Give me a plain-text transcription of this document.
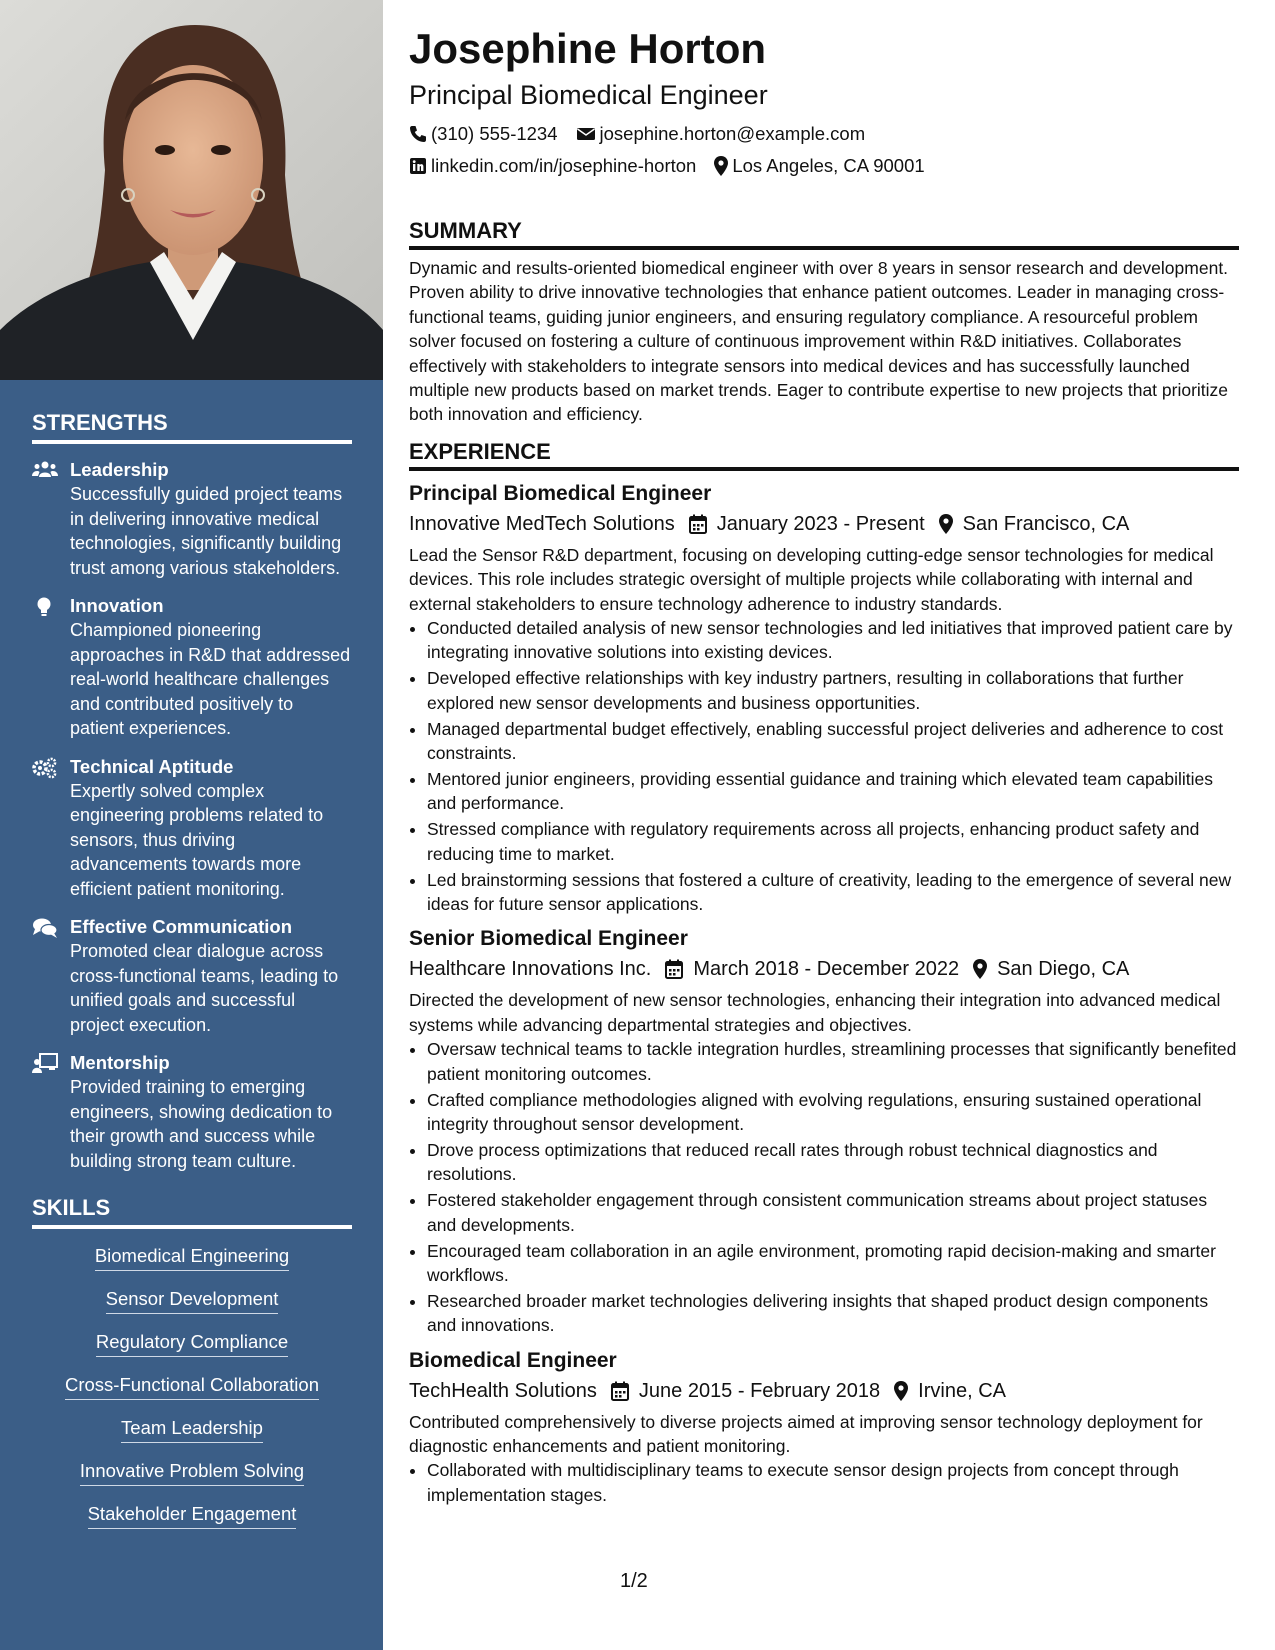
STRENGTHS
Leadership
Successfully guided project teams in delivering innovative medical technologies, significantly building trust among various stakeholders.
Innovation
Championed pioneering approaches in R&D that addressed real-world healthcare challenges and contributed positively to patient experiences.
Technical Aptitude
Expertly solved complex engineering problems related to sensors, thus driving advancements towards more efficient patient monitoring.
Effective Communication
Promoted clear dialogue across cross-functional teams, leading to unified goals and successful project execution.
Mentorship
Provided training to emerging engineers, showing dedication to their growth and success while building strong team culture.
SKILLS
Biomedical Engineering
Sensor Development
Regulatory Compliance
Cross-Functional Collaboration
Team Leadership
Innovative Problem Solving
Stakeholder Engagement
Josephine Horton
Principal Biomedical Engineer
(310) 555-1234 josephine.horton@example.com
linkedin.com/in/josephine-horton Los Angeles, CA 90001
SUMMARY

Dynamic and results-oriented biomedical engineer with over 8 years in sensor research and development. Proven ability to drive innovative technologies that enhance patient outcomes. Leader in managing cross-functional teams, guiding junior engineers, and ensuring regulatory compliance. A resourceful problem solver focused on fostering a culture of continuous improvement within R&D initiatives. Collaborates effectively with stakeholders to integrate sensors into medical devices and has successfully launched multiple new products based on market trends. Eager to contribute expertise to new projects that prioritize both innovation and efficiency.

EXPERIENCE
Principal Biomedical Engineer
Innovative MedTech Solutions January 2023 - Present San Francisco, CA
Lead the Sensor R&D department, focusing on developing cutting-edge sensor technologies for medical devices. This role includes strategic oversight of multiple projects while collaborating with internal and external stakeholders to ensure technology adherence to industry standards.
• Conducted detailed analysis of new sensor technologies and led initiatives that improved patient care by integrating innovative solutions into existing devices.
• Developed effective relationships with key industry partners, resulting in collaborations that further explored new sensor developments and business opportunities.
• Managed departmental budget effectively, enabling successful project deliveries and adherence to cost constraints.
• Mentored junior engineers, providing essential guidance and training which elevated team capabilities and performance.
• Stressed compliance with regulatory requirements across all projects, enhancing product safety and reducing time to market.
• Led brainstorming sessions that fostered a culture of creativity, leading to the emergence of several new ideas for future sensor applications.
Senior Biomedical Engineer
Healthcare Innovations Inc. March 2018 - December 2022 San Diego, CA
Directed the development of new sensor technologies, enhancing their integration into advanced medical systems while advancing departmental strategies and objectives.
• Oversaw technical teams to tackle integration hurdles, streamlining processes that significantly benefited patient monitoring outcomes.
• Crafted compliance methodologies aligned with evolving regulations, ensuring sustained operational integrity throughout sensor development.
• Drove process optimizations that reduced recall rates through robust technical diagnostics and resolutions.
• Fostered stakeholder engagement through consistent communication streams about project statuses and developments.
• Encouraged team collaboration in an agile environment, promoting rapid decision-making and smarter workflows.
• Researched broader market technologies delivering insights that shaped product design components and innovations.
Biomedical Engineer
TechHealth Solutions June 2015 - February 2018 Irvine, CA
Contributed comprehensively to diverse projects aimed at improving sensor technology deployment for diagnostic enhancements and patient monitoring.
• Collaborated with multidisciplinary teams to execute sensor design projects from concept through implementation stages.
1/2
